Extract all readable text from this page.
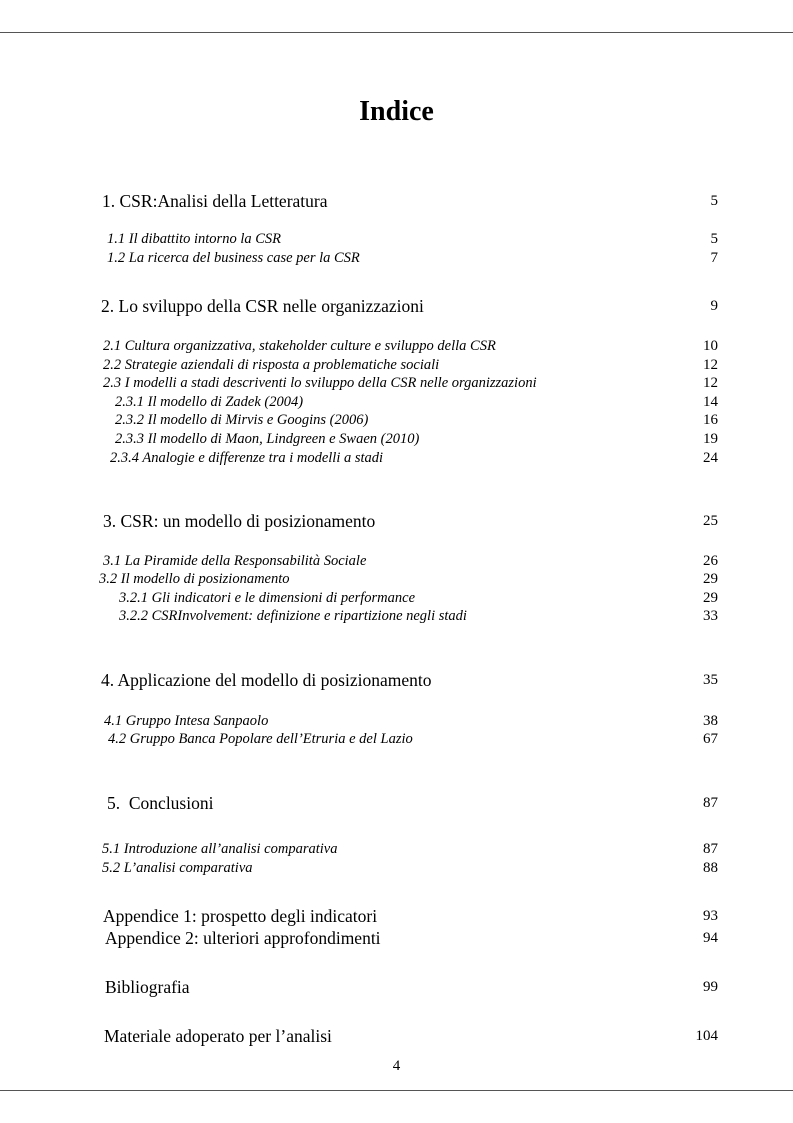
Indice
1. CSR:Analisi della Letteratura	5
1.1 Il dibattito intorno la CSR	5
1.2 La ricerca del business case per la CSR	7
2. Lo sviluppo della CSR nelle organizzazioni	9
2.1 Cultura organizzativa, stakeholder culture e sviluppo della CSR	10
2.2 Strategie aziendali di risposta a problematiche sociali	12
2.3 I modelli a stadi descriventi lo sviluppo della CSR nelle organizzazioni	12
2.3.1 Il modello di Zadek (2004)	14
2.3.2 Il modello di Mirvis e Googins (2006)	16
2.3.3 Il modello di Maon, Lindgreen e Swaen (2010)	19
2.3.4 Analogie e differenze tra i modelli a stadi	24
3. CSR: un modello di posizionamento	25
3.1 La Piramide della Responsabilità Sociale	26
3.2 Il modello di posizionamento	29
3.2.1 Gli indicatori e le dimensioni di performance	29
3.2.2 CSRInvolvement: definizione e ripartizione negli stadi	33
4. Applicazione del modello di posizionamento	35
4.1 Gruppo Intesa Sanpaolo	38
4.2 Gruppo Banca Popolare dell’Etruria e del Lazio	67
5.  Conclusioni	87
5.1 Introduzione all’analisi comparativa	87
5.2 L’analisi comparativa	88
Appendice 1: prospetto degli indicatori	93
Appendice 2: ulteriori approfondimenti	94
Bibliografia	99
Materiale adoperato per l’analisi	104
4
